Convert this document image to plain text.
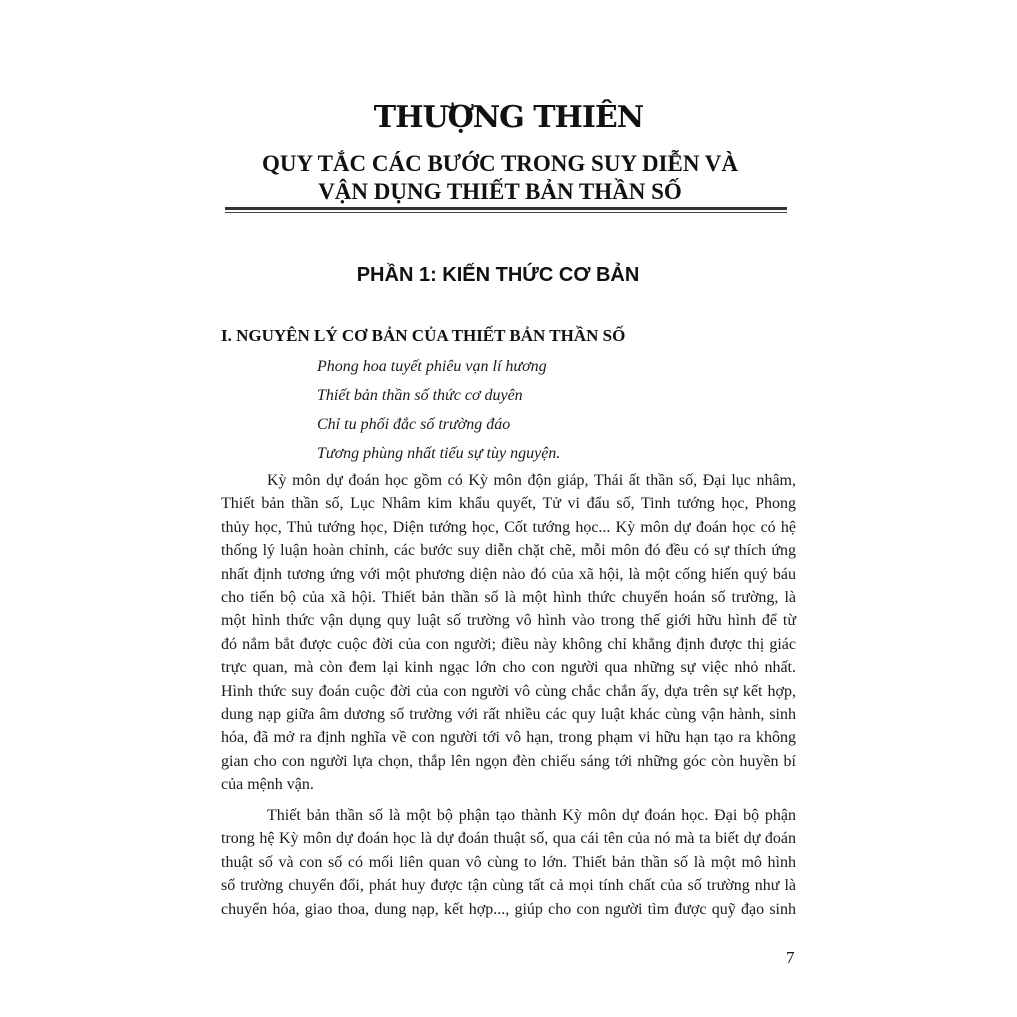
THƯỢNG THIÊN
QUY TẮC CÁC BƯỚC TRONG SUY DIỄN VÀ
VẬN DỤNG THIẾT BẢN THẦN SỐ
PHẦN 1: KIẾN THỨC CƠ BẢN
I. NGUYÊN LÝ CƠ BẢN CỦA THIẾT BẢN THẦN SỐ
Phong hoa tuyết phiêu vạn lí hương
Thiết bản thần số thức cơ duyên
Chỉ tu phối đắc số trường đáo
Tương phùng nhất tiếu sự tùy nguyện.
Kỳ môn dự đoán học gồm có Kỳ môn độn giáp, Thái ất thần số, Đại lục nhâm,
Thiết bản thần số, Lục Nhâm kim khẩu quyết, Tử vi đẩu số, Tinh tướng học, Phong
thủy học, Thủ tướng học, Diện tướng học, Cốt tướng học... Kỳ môn dự đoán học có hệ
thống lý luận hoàn chỉnh, các bước suy diễn chặt chẽ, mỗi môn đó đều có sự thích ứng
nhất định tương ứng với một phương diện nào đó của xã hội, là một cống hiến quý báu
cho tiến bộ của xã hội. Thiết bản thần số là một hình thức chuyển hoán số trường, là
một hình thức vận dụng quy luật số trường vô hình vào trong thế giới hữu hình để từ
đó nắm bắt được cuộc đời của con người; điều này không chỉ khẳng định được thị giác
trực quan, mà còn đem lại kinh ngạc lớn cho con người qua những sự việc nhỏ nhất.
Hình thức suy đoán cuộc đời của con người vô cùng chắc chắn ấy, dựa trên sự kết hợp,
dung nạp giữa âm dương số trường với rất nhiều các quy luật khác cùng vận hành, sinh
hóa, đã mở ra định nghĩa về con người tới vô hạn, trong phạm vi hữu hạn tạo ra không
gian cho con người lựa chọn, thắp lên ngọn đèn chiếu sáng tới những góc còn huyền bí
của mệnh vận.
Thiết bản thần số là một bộ phận tạo thành Kỳ môn dự đoán học. Đại bộ phận
trong hệ Kỳ môn dự đoán học là dự đoán thuật số, qua cái tên của nó mà ta biết dự đoán
thuật số và con số có mối liên quan vô cùng to lớn. Thiết bản thần số là một mô hình
số trường chuyển đổi, phát huy được tận cùng tất cả mọi tính chất của số trường như là
chuyển hóa, giao thoa, dung nạp, kết hợp..., giúp cho con người tìm được quỹ đạo sinh
7
